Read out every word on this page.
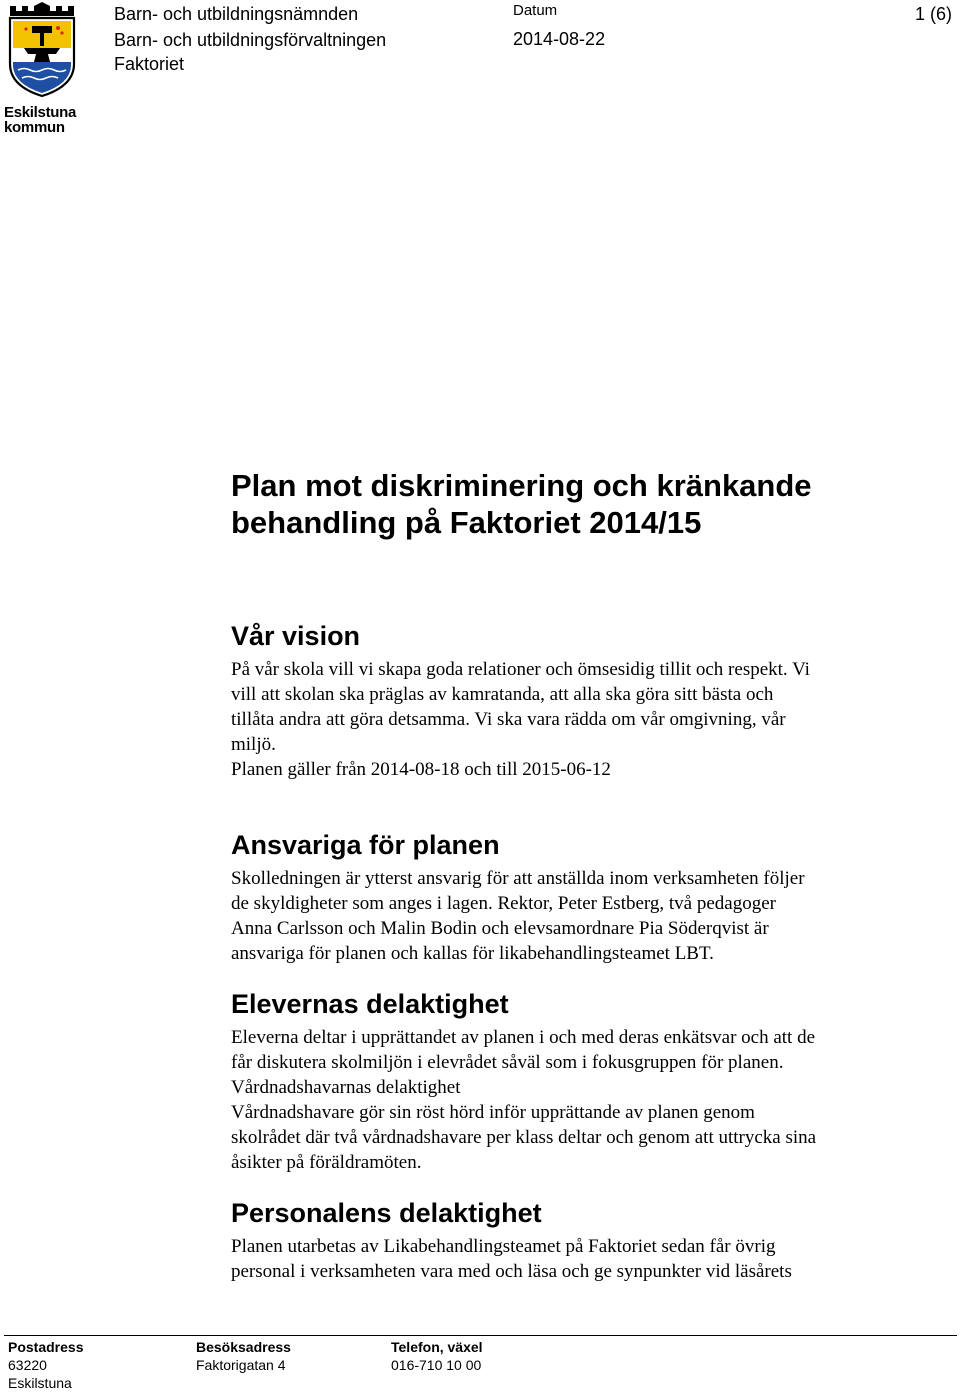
Eskilstuna
kommun
Barn- och utbildningsnämnden
Barn- och utbildningsförvaltningen
Faktoriet
Datum
2014-08-22
1 (6)
Plan mot diskriminering och kränkande
behandling på Faktoriet 2014/15
Vår vision

På vår skola vill vi skapa goda relationer och ömsesidig tillit och respekt. Vi
vill att skolan ska präglas av kamratanda, att alla ska göra sitt bästa och
tillåta andra att göra detsamma. Vi ska vara rädda om vår omgivning, vår
miljö.
Planen gäller från 2014-08-18 och till 2015-06-12

Ansvariga för planen

Skolledningen är ytterst ansvarig för att anställda inom verksamheten följer
de skyldigheter som anges i lagen. Rektor, Peter Estberg, två pedagoger
Anna Carlsson och Malin Bodin och elevsamordnare Pia Söderqvist är
ansvariga för planen och kallas för likabehandlingsteamet LBT.

Elevernas delaktighet

Eleverna deltar i upprättandet av planen i och med deras enkätsvar och att de
får diskutera skolmiljön i elevrådet såväl som i fokusgruppen för planen.
Vårdnadshavarnas delaktighet
Vårdnadshavare gör sin röst hörd inför upprättande av planen genom
skolrådet där två vårdnadshavare per klass deltar och genom att uttrycka sina
åsikter på föräldramöten.

Personalens delaktighet

Planen utarbetas av Likabehandlingsteamet på Faktoriet sedan får övrig
personal i verksamheten vara med och läsa och ge synpunkter vid läsårets

Postadress
63220
Eskilstuna
Besöksadress
Faktorigatan 4
Telefon, växel
016-710 10 00
